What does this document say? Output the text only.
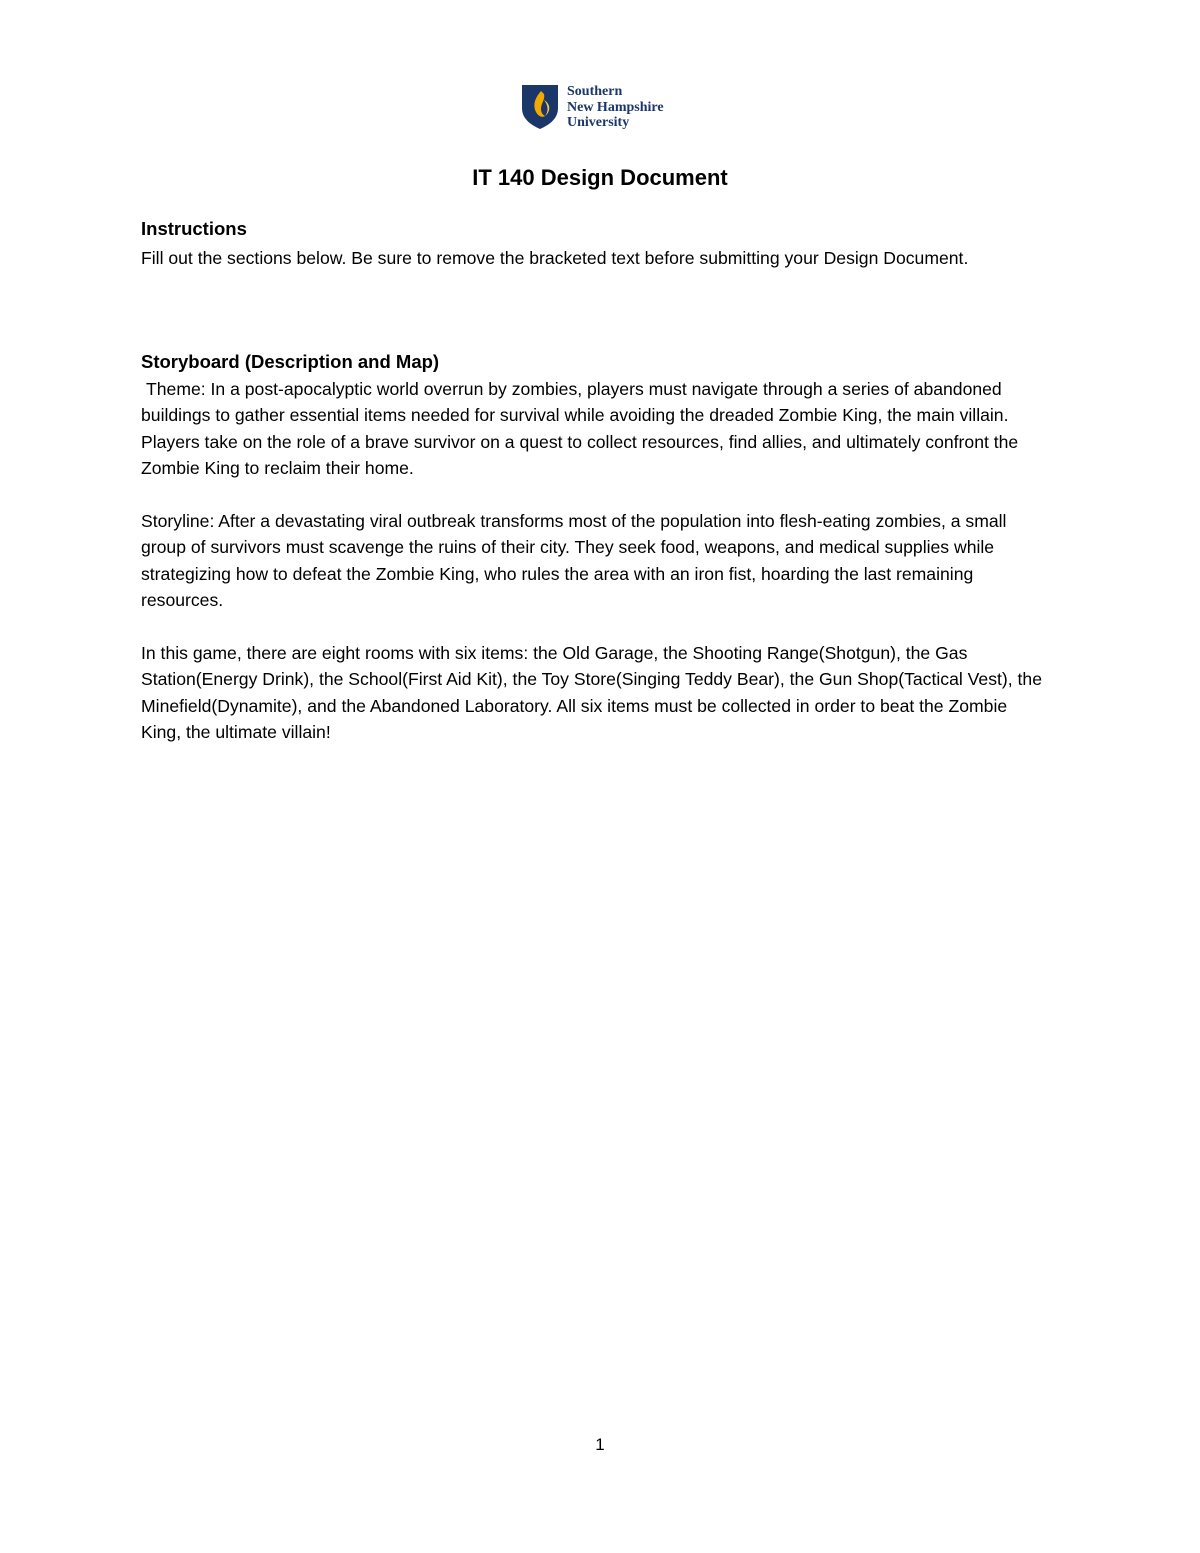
Southern
New Hampshire
University
IT 140 Design Document
Instructions

Fill out the sections below. Be sure to remove the bracketed text before submitting your Design Document.

Storyboard (Description and Map)

Theme: In a post-apocalyptic world overrun by zombies, players must navigate through a series of abandoned buildings to gather essential items needed for survival while avoiding the dreaded Zombie King, the main villain. Players take on the role of a brave survivor on a quest to collect resources, find allies, and ultimately confront the Zombie King to reclaim their home.

Storyline: After a devastating viral outbreak transforms most of the population into flesh-eating zombies, a small group of survivors must scavenge the ruins of their city. They seek food, weapons, and medical supplies while strategizing how to defeat the Zombie King, who rules the area with an iron fist, hoarding the last remaining resources.

In this game, there are eight rooms with six items: the Old Garage, the Shooting Range(Shotgun), the Gas Station(Energy Drink), the School(First Aid Kit), the Toy Store(Singing Teddy Bear), the Gun Shop(Tactical Vest), the Minefield(Dynamite), and the Abandoned Laboratory. All six items must be collected in order to beat the Zombie King, the ultimate villain!

1
